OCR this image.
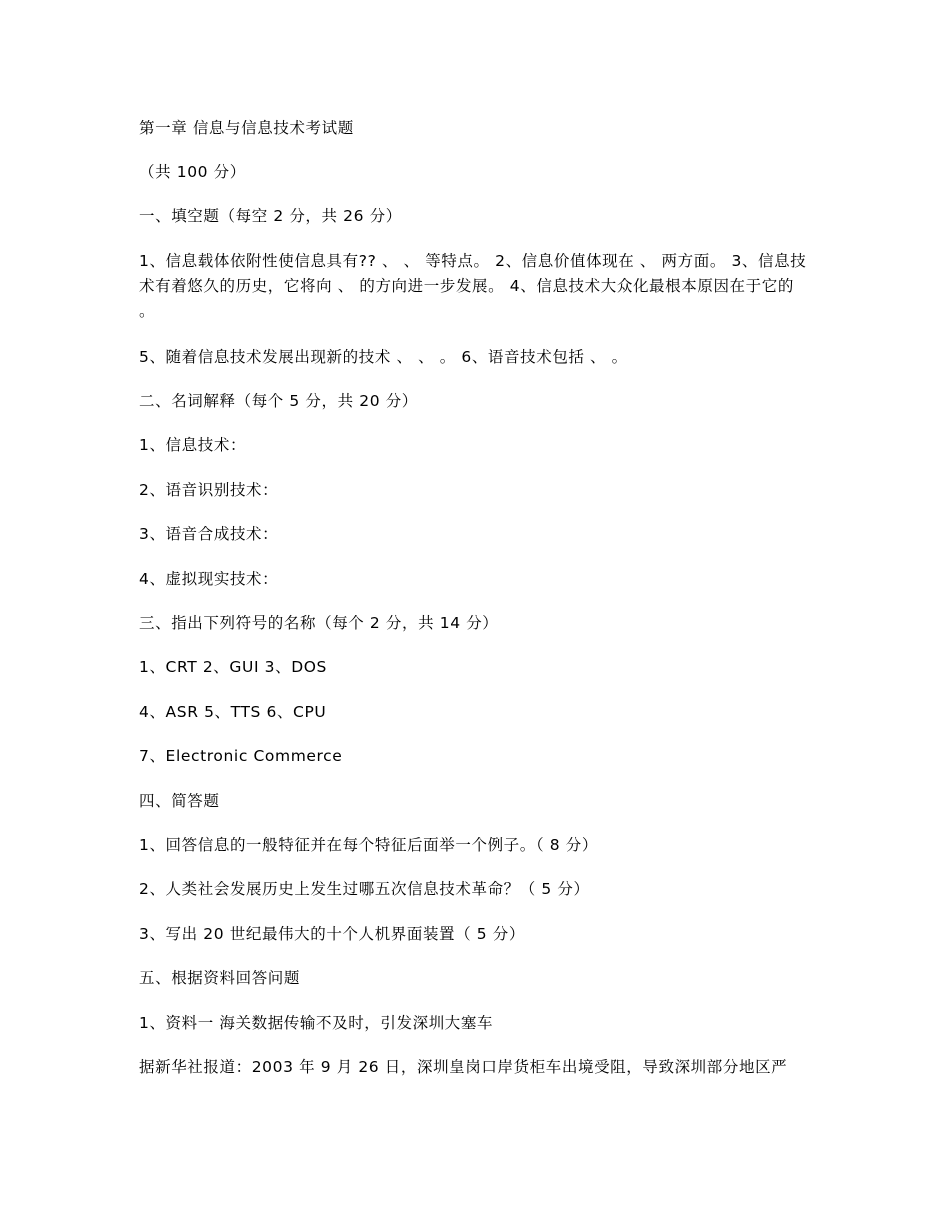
第一章 信息与信息技术考试题
（共 100 分）
一、填空题（每空 2 分，共 26 分）
1、信息载体依附性使信息具有?? 、 、 等特点。 2、信息价值体现在 、 两方面。 3、信息技术有着悠久的历史，它将向 、 的方向进一步发展。 4、信息技术大众化最根本原因在于它的 。
5、随着信息技术发展出现新的技术 、 、 。 6、语音技术包括 、 。
二、名词解释（每个 5 分，共 20 分）
1、信息技术：
2、语音识别技术：
3、语音合成技术：
4、虚拟现实技术：
三、指出下列符号的名称（每个 2 分，共 14 分）
1、CRT 2、GUI 3、DOS
4、ASR 5、TTS 6、CPU
7、Electronic Commerce
四、简答题
1、回答信息的一般特征并在每个特征后面举一个例子。（ 8 分）
2、人类社会发展历史上发生过哪五次信息技术革命？（ 5 分）
3、写出 20 世纪最伟大的十个人机界面装置（ 5 分）
五、根据资料回答问题
1、资料一 海关数据传输不及时，引发深圳大塞车
据新华社报道：2003 年 9 月 26 日，深圳皇岗口岸货柜车出境受阻，导致深圳部分地区严
